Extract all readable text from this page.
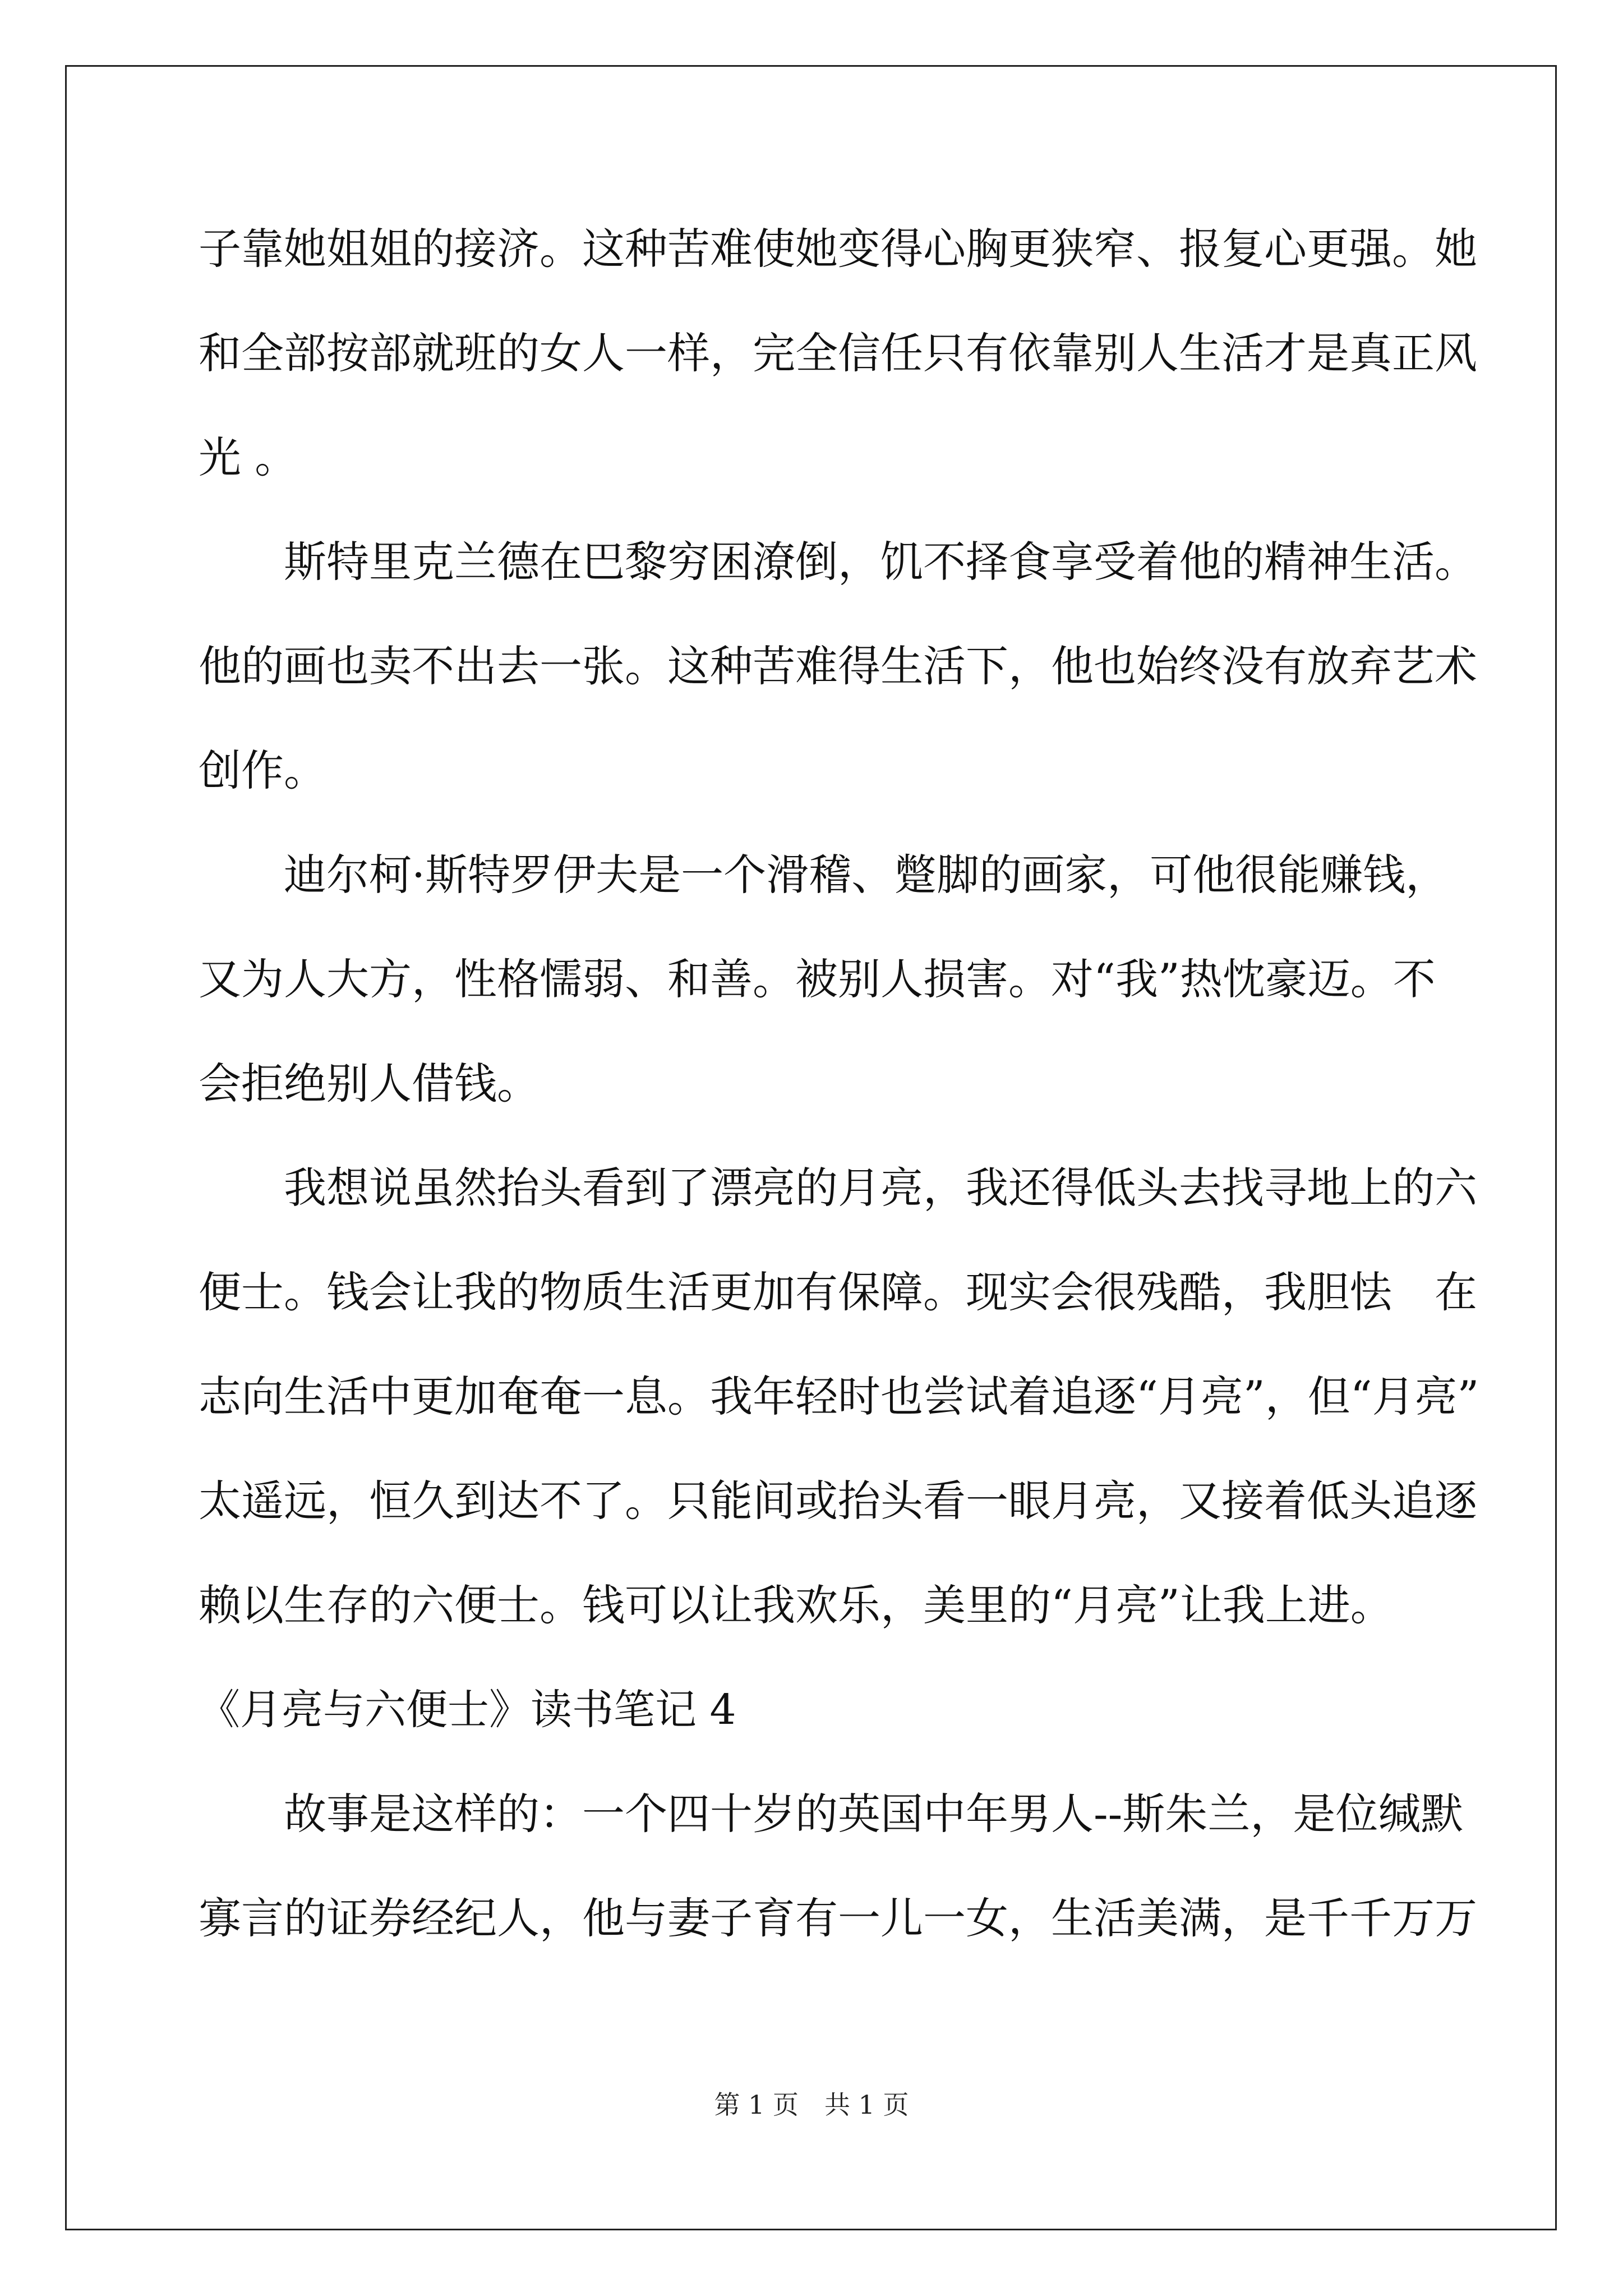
子靠她姐姐的接济。这种苦难使她变得心胸更狭窄、报复心更强。她
和全部按部就班的女人一样，完全信任只有依靠别人生活才是真正风
光 。
　　斯特里克兰德在巴黎穷困潦倒，饥不择食享受着他的精神生活。
他的画也卖不出去一张。这种苦难得生活下，他也始终没有放弃艺术
创作。
　　迪尔柯·斯特罗伊夫是一个滑稽、蹩脚的画家，可他很能赚钱，
又为人大方，性格懦弱、和善。被别人损害。对“我”热忱豪迈。不
会拒绝别人借钱。
　　我想说虽然抬头看到了漂亮的月亮，我还得低头去找寻地上的六
便士。钱会让我的物质生活更加有保障。现实会很残酷，我胆怯　在
志向生活中更加奄奄一息。我年轻时也尝试着追逐“月亮”，但“月亮”
太遥远，恒久到达不了。只能间或抬头看一眼月亮，又接着低头追逐
赖以生存的六便士。钱可以让我欢乐，美里的“月亮”让我上进。
《月亮与六便士》读书笔记 4
　　故事是这样的：一个四十岁的英国中年男人--斯朱兰，是位缄默
寡言的证券经纪人，他与妻子育有一儿一女，生活美满，是千千万万
第 1 页 共 1 页
